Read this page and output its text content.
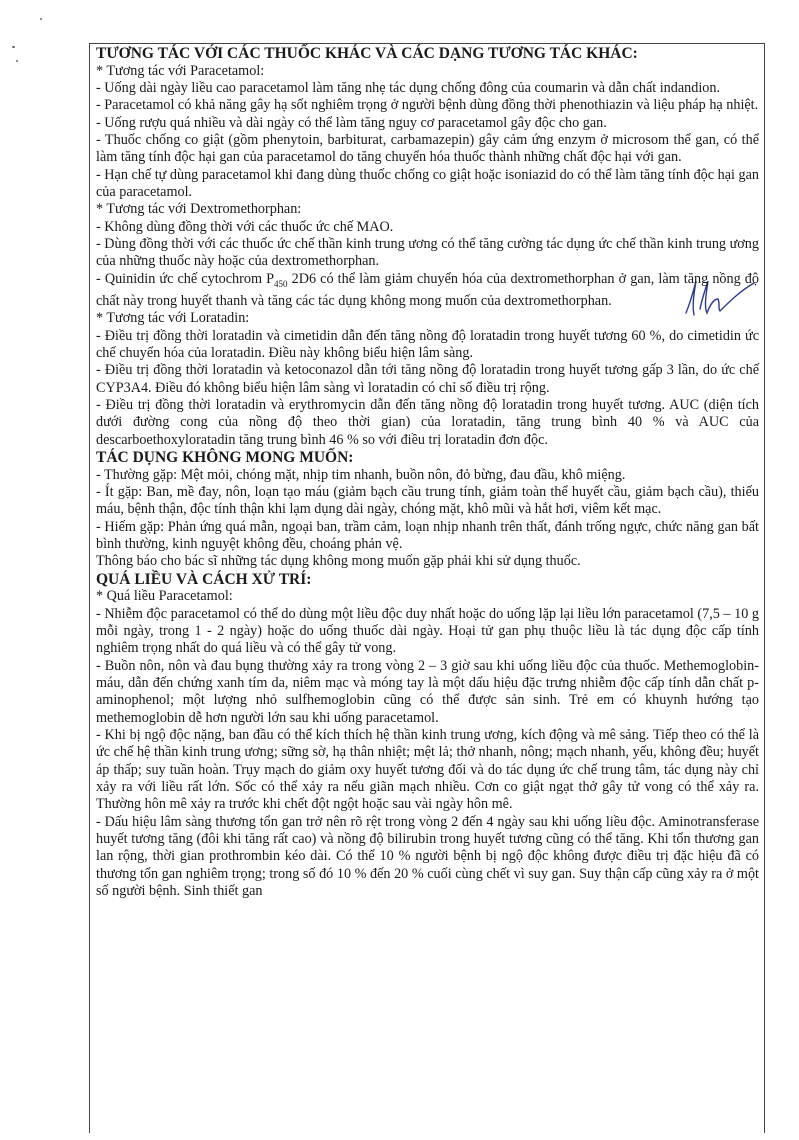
TƯƠNG TÁC VỚI CÁC THUỐC KHÁC VÀ CÁC DẠNG TƯƠNG TÁC KHÁC:

* Tương tác với Paracetamol:

- Uống dài ngày liều cao paracetamol làm tăng nhẹ tác dụng chống đông của coumarin và dẫn chất indandion.

- Paracetamol có khả năng gây hạ sốt nghiêm trọng ở người bệnh dùng đồng thời phenothiazin và liệu pháp hạ nhiệt.

- Uống rượu quá nhiều và dài ngày có thể làm tăng nguy cơ paracetamol gây độc cho gan.

- Thuốc chống co giật (gồm phenytoin, barbiturat, carbamazepin) gây cảm ứng enzym ở microsom thể gan, có thể làm tăng tính độc hại gan của paracetamol do tăng chuyển hóa thuốc thành những chất độc hại với gan.

- Hạn chế tự dùng paracetamol khi đang dùng thuốc chống co giật hoặc isoniazid do có thể làm tăng tính độc hại gan của paracetamol.

* Tương tác với Dextromethorphan:

- Không dùng đồng thời với các thuốc ức chế MAO.

- Dùng đồng thời với các thuốc ức chế thần kinh trung ương có thể tăng cường tác dụng ức chế thần kinh trung ương của những thuốc này hoặc của dextromethorphan.

- Quinidin ức chế cytochrom $P_{450}$ 2D6 có thể làm giảm chuyển hóa của dextromethorphan ở gan, làm tăng nồng độ chất này trong huyết thanh và tăng các tác dụng không mong muốn của dextromethorphan.

* Tương tác với Loratadin:

- Điều trị đồng thời loratadin và cimetidin dẫn đến tăng nồng độ loratadin trong huyết tương 60 %, do cimetidin ức chế chuyển hóa của loratadin. Điều này không biểu hiện lâm sàng.

- Điều trị đồng thời loratadin và ketoconazol dẫn tới tăng nồng độ loratadin trong huyết tương gấp 3 lần, do ức chế CYP3A4. Điều đó không biểu hiện lâm sàng vì loratadin có chỉ số điều trị rộng.

- Điều trị đồng thời loratadin và erythromycin dẫn đến tăng nồng độ loratadin trong huyết tương. AUC (diện tích dưới đường cong của nồng độ theo thời gian) của loratadin, tăng trung bình 40 % và AUC của descarboethoxyloratadin tăng trung bình 46 % so với điều trị loratadin đơn độc.

TÁC DỤNG KHÔNG MONG MUỐN:

- Thường gặp: Mệt mỏi, chóng mặt, nhịp tim nhanh, buồn nôn, đỏ bừng, đau đầu, khô miệng.

- Ít gặp: Ban, mề đay, nôn, loạn tạo máu (giảm bạch cầu trung tính, giảm toàn thể huyết cầu, giảm bạch cầu), thiếu máu, bệnh thận, độc tính thận khi lạm dụng dài ngày, chóng mặt, khô mũi và hắt hơi, viêm kết mạc.

- Hiếm gặp: Phản ứng quá mẫn, ngoại ban, trầm cảm, loạn nhịp nhanh trên thất, đánh trống ngực, chức năng gan bất bình thường, kinh nguyệt không đều, choáng phản vệ.

Thông báo cho bác sĩ những tác dụng không mong muốn gặp phải khi sử dụng thuốc.

QUÁ LIỀU VÀ CÁCH XỬ TRÍ:

* Quá liều Paracetamol:

- Nhiễm độc paracetamol có thể do dùng một liều độc duy nhất hoặc do uống lặp lại liều lớn paracetamol (7,5 – 10 g mỗi ngày, trong 1 - 2 ngày) hoặc do uống thuốc dài ngày. Hoại tử gan phụ thuộc liều là tác dụng độc cấp tính nghiêm trọng nhất do quá liều và có thể gây tử vong.

- Buồn nôn, nôn và đau bụng thường xảy ra trong vòng 2 – 3 giờ sau khi uống liều độc của thuốc. Methemoglobin-máu, dẫn đến chứng xanh tím da, niêm mạc và móng tay là một dấu hiệu đặc trưng nhiễm độc cấp tính dẫn chất p-aminophenol; một lượng nhỏ sulfhemoglobin cũng có thể được sản sinh. Trẻ em có khuynh hướng tạo methemoglobin dễ hơn người lớn sau khi uống paracetamol.

- Khi bị ngộ độc nặng, ban đầu có thể kích thích hệ thần kinh trung ương, kích động và mê sảng. Tiếp theo có thể là ức chế hệ thần kinh trung ương; sững sờ, hạ thân nhiệt; mệt lả; thở nhanh, nông; mạch nhanh, yếu, không đều; huyết áp thấp; suy tuần hoàn. Trụy mạch do giảm oxy huyết tương đối và do tác dụng ức chế trung tâm, tác dụng này chỉ xảy ra với liều rất lớn. Sốc có thể xảy ra nếu giãn mạch nhiều. Cơn co giật ngạt thở gây tử vong có thể xảy ra. Thường hôn mê xảy ra trước khi chết đột ngột hoặc sau vài ngày hôn mê.

- Dấu hiệu lâm sàng thương tổn gan trở nên rõ rệt trong vòng 2 đến 4 ngày sau khi uống liều độc. Aminotransferase huyết tương tăng (đôi khi tăng rất cao) và nồng độ bilirubin trong huyết tương cũng có thể tăng. Khi tổn thương gan lan rộng, thời gian prothrombin kéo dài. Có thể 10 % người bệnh bị ngộ độc không được điều trị đặc hiệu đã có thương tổn gan nghiêm trọng; trong số đó 10 % đến 20 % cuối cùng chết vì suy gan. Suy thận cấp cũng xảy ra ở một số người bệnh. Sinh thiết gan
